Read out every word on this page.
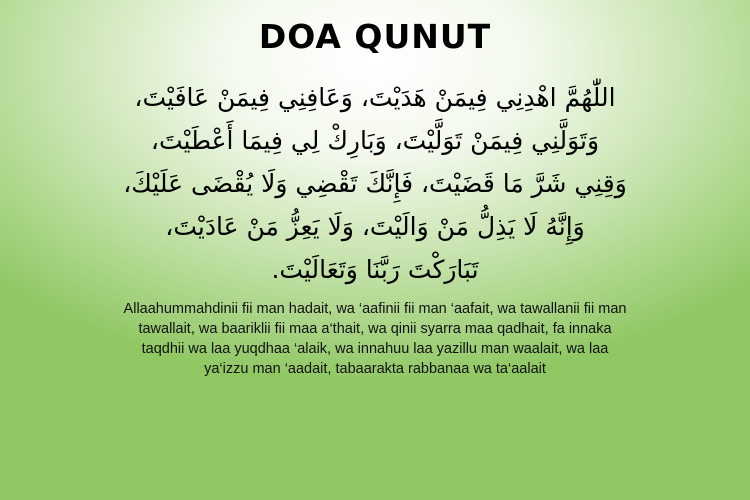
DOA QUNUT
اللّٰهُمَّ اهْدِنِي فِيمَنْ هَدَيْتَ، وَعَافِنِي فِيمَنْ عَافَيْتَ،
وَتَوَلَّنِي فِيمَنْ تَوَلَّيْتَ، وَبَارِكْ لِي فِيمَا أَعْطَيْتَ،
وَقِنِي شَرَّ مَا قَضَيْتَ، فَإِنَّكَ تَقْضِي وَلَا يُقْضَى عَلَيْكَ،
وَإِنَّهُ لَا يَذِلُّ مَنْ وَالَيْتَ، وَلَا يَعِزُّ مَنْ عَادَيْتَ،
تَبَارَكْتَ رَبَّنَا وَتَعَالَيْتَ.
Allaahummahdinii fii man hadait, wa ‘aafinii fii man ‘aafait, wa tawallanii fii man tawallait, wa baariklii fii maa a‘thait, wa qinii syarra maa qadhait, fa innaka taqdhii wa laa yuqdhaa ‘alaik, wa innahuu laa yazillu man waalait, wa laa ya‘izzu man ‘aadait, tabaarakta rabbanaa wa ta‘aalait
